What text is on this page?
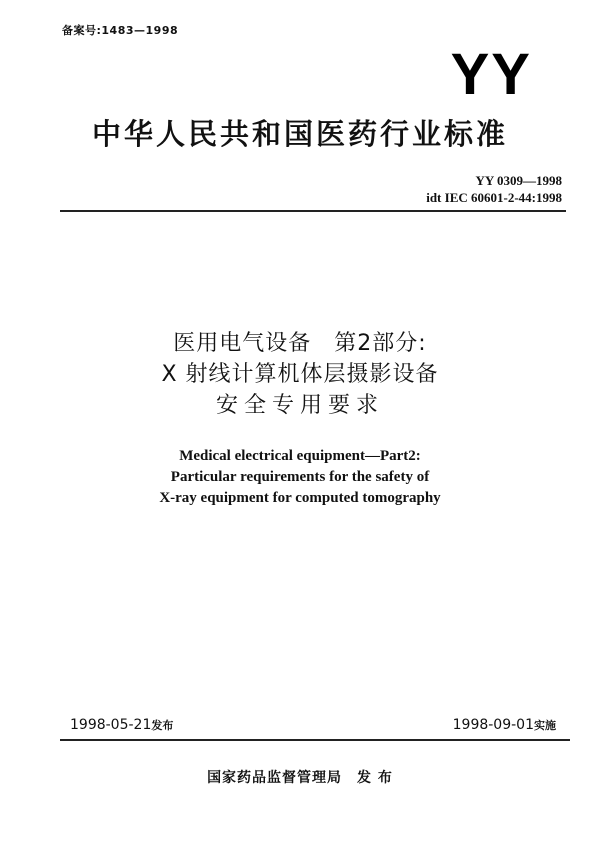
备案号:1483—1998
YY
中华人民共和国医药行业标准
YY 0309—1998
idt IEC 60601-2-44:1998
医用电气设备　第2部分:
X 射线计算机体层摄影设备
安全专用要求
Medical electrical equipment—Part2:
Particular requirements for the safety of
X-ray equipment for computed tomography
1998-05-21发布	1998-09-01实施
国家药品监督管理局　发 布
